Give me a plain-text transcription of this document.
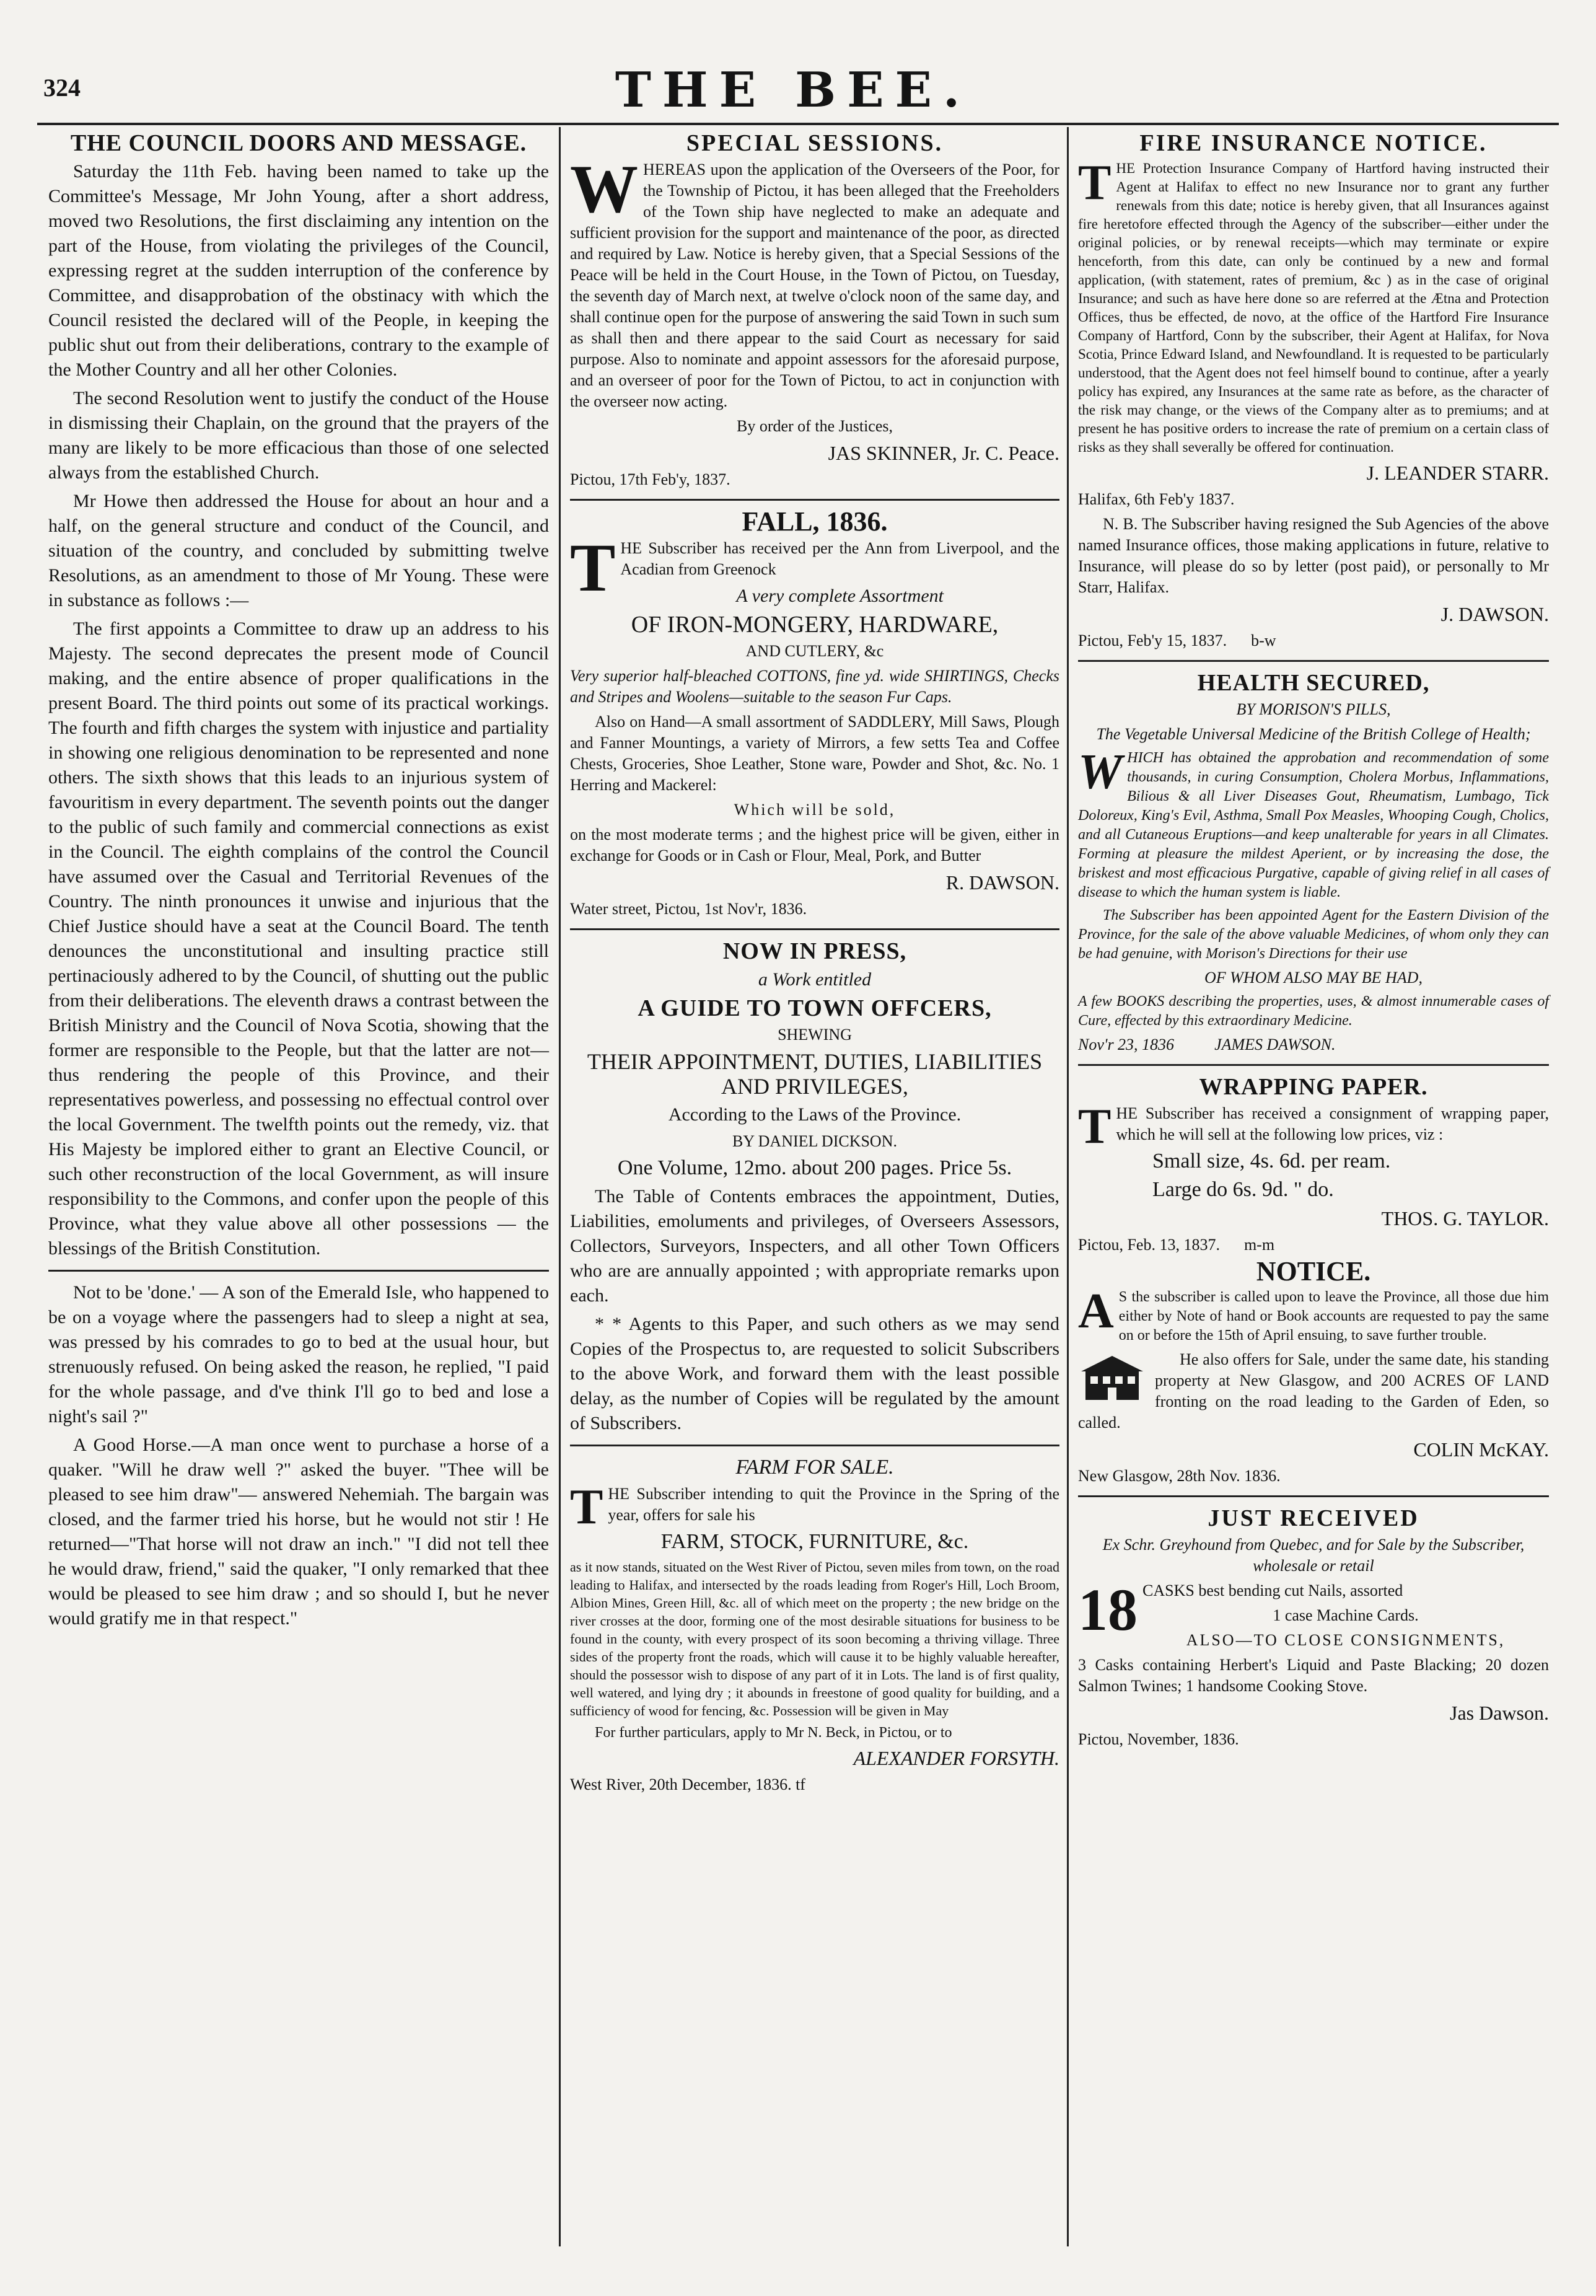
324	THE BEE.

THE COUNCIL DOORS AND MESSAGE.

Saturday the 11th Feb. having been named to take up the Committee's Message, Mr John Young, after a short address, moved two Resolutions, the first disclaiming any intention on the part of the House, from violating the privileges of the Council, expressing regret at the sudden interruption of the conference by Committee, and disapprobation of the obstinacy with which the Council resisted the declared will of the People, in keeping the public shut out from their deliberations, contrary to the example of the Mother Country and all her other Colonies.

The second Resolution went to justify the conduct of the House in dismissing their Chaplain, on the ground that the prayers of the many are likely to be more efficacious than those of one selected always from the established Church.

Mr Howe then addressed the House for about an hour and a half, on the general structure and conduct of the Council, and situation of the country, and concluded by submitting twelve Resolutions, as an amendment to those of Mr Young. These were in substance as follows :—

The first appoints a Committee to draw up an address to his Majesty. The second deprecates the present mode of Council making, and the entire absence of proper qualifications in the present Board. The third points out some of its practical workings. The fourth and fifth charges the system with injustice and partiality in showing one religious denomination to be represented and none others. The sixth shows that this leads to an injurious system of favouritism in every department. The seventh points out the danger to the public of such family and commercial connections as exist in the Council. The eighth complains of the control the Council have assumed over the Casual and Territorial Revenues of the Country. The ninth pronounces it unwise and injurious that the Chief Justice should have a seat at the Council Board. The tenth denounces the unconstitutional and insulting practice still pertinaciously adhered to by the Council, of shutting out the public from their deliberations. The eleventh draws a contrast between the British Ministry and the Council of Nova Scotia, showing that the former are responsible to the People, but that the latter are not—thus rendering the people of this Province, and their representatives powerless, and possessing no effectual control over the local Government. The twelfth points out the remedy, viz. that His Majesty be implored either to grant an Elective Council, or such other reconstruction of the local Government, as will insure responsibility to the Commons, and confer upon the people of this Province, what they value above all other possessions — the blessings of the British Constitution.

Not to be 'done.' — A son of the Emerald Isle, who happened to be on a voyage where the passengers had to sleep a night at sea, was pressed by his comrades to go to bed at the usual hour, but strenuously refused. On being asked the reason, he replied, "I paid for the whole passage, and d've think I'll go to bed and lose a night's sail ?"

A Good Horse.—A man once went to purchase a horse of a quaker. "Will he draw well ?" asked the buyer. "Thee will be pleased to see him draw"— answered Nehemiah. The bargain was closed, and the farmer tried his horse, but he would not stir ! He returned—"That horse will not draw an inch." "I did not tell thee he would draw, friend," said the quaker, "I only remarked that thee would be pleased to see him draw ; and so should I, but he never would gratify me in that respect."

SPECIAL SESSIONS.

WHEREAS upon the application of the Overseers of the Poor, for the Township of Pictou, it has been alleged that the Freeholders of the Town ship have neglected to make an adequate and sufficient provision for the support and maintenance of the poor, as directed and required by Law. Notice is hereby given, that a Special Sessions of the Peace will be held in the Court House, in the Town of Pictou, on Tuesday, the seventh day of March next, at twelve o'clock noon of the same day, and shall continue open for the purpose of answering the said Town in such sum as shall then and there appear to the said Court as necessary for said purpose. Also to nominate and appoint assessors for the aforesaid purpose, and an overseer of poor for the Town of Pictou, to act in conjunction with the overseer now acting.

By order of the Justices,

JAS SKINNER, Jr. C. Peace.

Pictou, 17th Feb'y, 1837.

FALL, 1836.

THE Subscriber has received per the Ann from Liverpool, and the Acadian from Greenock

A very complete Assortment

OF IRON-MONGERY, HARDWARE,

AND CUTLERY, &c

Very superior half-bleached COTTONS, fine yd. wide SHIRTINGS, Checks and Stripes and Woolens—suitable to the season Fur Caps.

Also on Hand—A small assortment of SADDLERY, Mill Saws, Plough and Fanner Mountings, a variety of Mirrors, a few setts Tea and Coffee Chests, Groceries, Shoe Leather, Stone ware, Powder and Shot, &c. No. 1 Herring and Mackerel:

Which will be sold,

on the most moderate terms ; and the highest price will be given, either in exchange for Goods or in Cash or Flour, Meal, Pork, and Butter

R. DAWSON.

Water street, Pictou, 1st Nov'r, 1836.

NOW IN PRESS,

a Work entitled

A GUIDE TO TOWN OFFCERS,

SHEWING

THEIR APPOINTMENT, DUTIES, LIABILITIES AND PRIVILEGES,

According to the Laws of the Province.

BY DANIEL DICKSON.

One Volume, 12mo. about 200 pages. Price 5s.

The Table of Contents embraces the appointment, Duties, Liabilities, emoluments and privileges, of Overseers Assessors, Collectors, Surveyors, Inspecters, and all other Town Officers who are are annually appointed ; with appropriate remarks upon each.

* * Agents to this Paper, and such others as we may send Copies of the Prospectus to, are requested to solicit Subscribers to the above Work, and forward them with the least possible delay, as the number of Copies will be regulated by the amount of Subscribers.

FARM FOR SALE.

THE Subscriber intending to quit the Province in the Spring of the year, offers for sale his

FARM, STOCK, FURNITURE, &c.

as it now stands, situated on the West River of Pictou, seven miles from town, on the road leading to Halifax, and intersected by the roads leading from Roger's Hill, Loch Broom, Albion Mines, Green Hill, &c. all of which meet on the property ; the new bridge on the river crosses at the door, forming one of the most desirable situations for business to be found in the county, with every prospect of its soon becoming a thriving village. Three sides of the property front the roads, which will cause it to be highly valuable hereafter, should the possessor wish to dispose of any part of it in Lots. The land is of first quality, well watered, and lying dry ; it abounds in freestone of good quality for building, and a sufficiency of wood for fencing, &c. Possession will be given in May

For further particulars, apply to Mr N. Beck, in Pictou, or to

ALEXANDER FORSYTH.

West River, 20th December, 1836. tf

FIRE INSURANCE NOTICE.

THE Protection Insurance Company of Hartford having instructed their Agent at Halifax to effect no new Insurance nor to grant any further renewals from this date; notice is hereby given, that all Insurances against fire heretofore effected through the Agency of the subscriber—either under the original policies, or by renewal receipts—which may terminate or expire henceforth, from this date, can only be continued by a new and formal application, (with statement, rates of premium, &c ) as in the case of original Insurance; and such as have here done so are referred at the Ætna and Protection Offices, thus be effected, de novo, at the office of the Hartford Fire Insurance Company of Hartford, Conn by the subscriber, their Agent at Halifax, for Nova Scotia, Prince Edward Island, and Newfoundland. It is requested to be particularly understood, that the Agent does not feel himself bound to continue, after a yearly policy has expired, any Insurances at the same rate as before, as the character of the risk may change, or the views of the Company alter as to premiums; and at present he has positive orders to increase the rate of premium on a certain class of risks as they shall severally be offered for continuation.

J. LEANDER STARR.

Halifax, 6th Feb'y 1837.

N. B. The Subscriber having resigned the Sub Agencies of the above named Insurance offices, those making applications in future, relative to Insurance, will please do so by letter (post paid), or personally to Mr Starr, Halifax.

J. DAWSON.

Pictou, Feb'y 15, 1837. b-w

HEALTH SECURED,

BY MORISON'S PILLS,

The Vegetable Universal Medicine of the British College of Health;

WHICH has obtained the approbation and recommendation of some thousands, in curing Consumption, Cholera Morbus, Inflammations, Bilious & all Liver Diseases Gout, Rheumatism, Lumbago, Tick Doloreux, King's Evil, Asthma, Small Pox Measles, Whooping Cough, Cholics, and all Cutaneous Eruptions—and keep unalterable for years in all Climates. Forming at pleasure the mildest Aperient, or by increasing the dose, the briskest and most efficacious Purgative, capable of giving relief in all cases of disease to which the human system is liable.

The Subscriber has been appointed Agent for the Eastern Division of the Province, for the sale of the above valuable Medicines, of whom only they can be had genuine, with Morison's Directions for their use

OF WHOM ALSO MAY BE HAD,

A few BOOKS describing the properties, uses, & almost innumerable cases of Cure, effected by this extraordinary Medicine.

Nov'r 23, 1836	JAMES DAWSON.

WRAPPING PAPER.

THE Subscriber has received a consignment of wrapping paper, which he will sell at the following low prices, viz :

Small size, 4s. 6d. per ream.

Large do 6s. 9d. " do.

THOS. G. TAYLOR.

Pictou, Feb. 13, 1837. m-m

NOTICE.

A S the subscriber is called upon to leave the Province, all those due him either by Note of hand or Book accounts are requested to pay the same on or before the 15th of April ensuing, to save further trouble.

He also offers for Sale, under the same date, his standing property at New Glasgow, and 200 ACRES OF LAND fronting on the road leading to the Garden of Eden, so called.

COLIN McKAY.

New Glasgow, 28th Nov. 1836.

JUST RECEIVED

Ex Schr. Greyhound from Quebec, and for Sale by the Subscriber, wholesale or retail

18 CASKS best bending cut Nails, assorted

1 case Machine Cards.

ALSO—TO CLOSE CONSIGNMENTS,

3 Casks containing Herbert's Liquid and Paste Blacking; 20 dozen Salmon Twines; 1 handsome Cooking Stove.

Jas Dawson.

Pictou, November, 1836.
